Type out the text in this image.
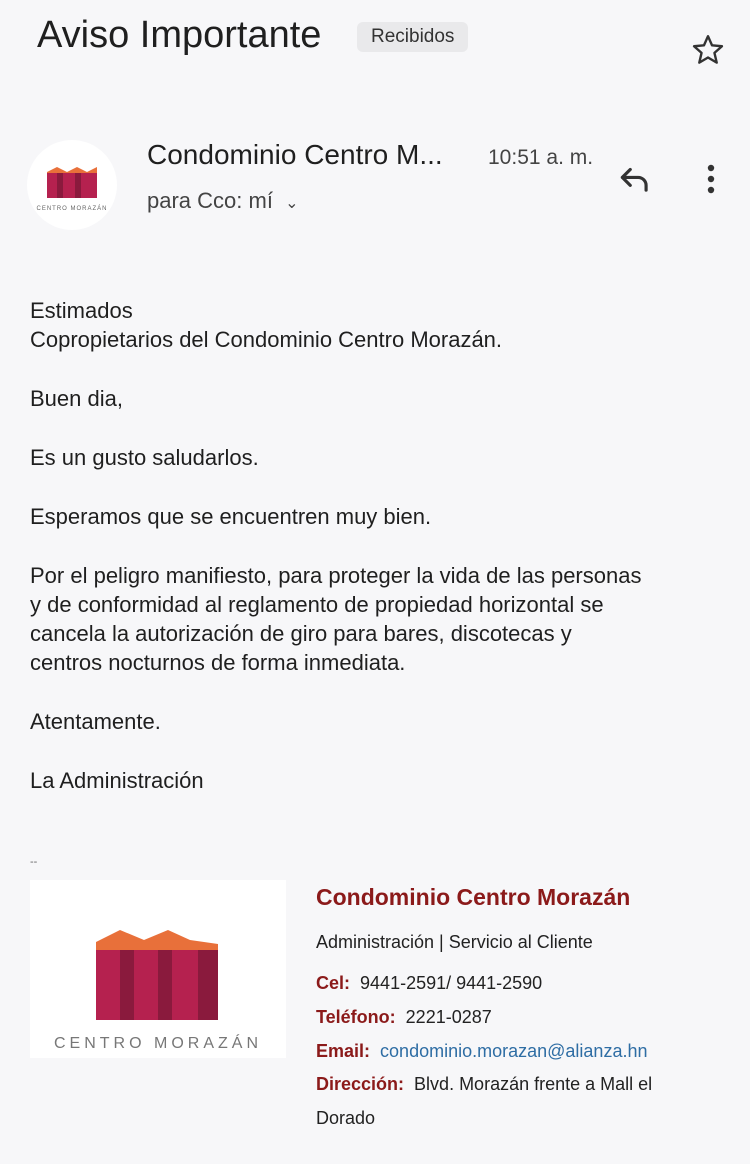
Aviso Importante	Recibidos
CENTRO MORAZÁN
Condominio Centro M... 10:51 a. m.
para Cco: mí ⌄

Estimados
Copropietarios del Condominio Centro Morazán.

Buen dia,

Es un gusto saludarlos.

Esperamos que se encuentren muy bien.

Por el peligro manifiesto, para proteger la vida de las personas
y de conformidad al reglamento de propiedad horizontal se
cancela la autorización de giro para bares, discotecas y
centros nocturnos de forma inmediata.

Atentamente.

La Administración

--
CENTRO MORAZÁN
Condominio Centro Morazán
Administración | Servicio al Cliente
Cel: 9441-2591/ 9441-2590
Teléfono: 2221-0287
Email: condominio.morazan@alianza.hn
Dirección: Blvd. Morazán frente a Mall el
Dorado
